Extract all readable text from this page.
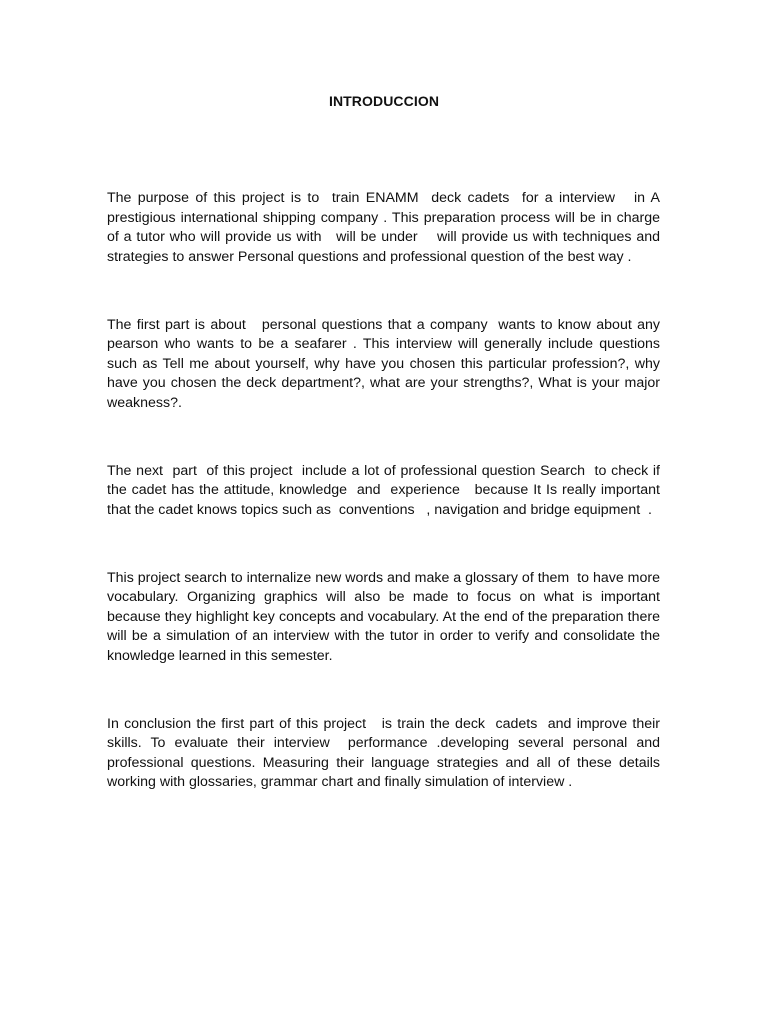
INTRODUCCION

The purpose of this project is to  train ENAMM  deck cadets  for a interview   in A prestigious international shipping company . This preparation process will be in charge of a tutor who will provide us with   will be under    will provide us with techniques and strategies to answer Personal questions and professional question of the best way .

The first part is about   personal questions that a company  wants to know about any pearson who wants to be a seafarer . This interview will generally include questions such as Tell me about yourself, why have you chosen this particular profession?, why have you chosen the deck department?, what are your strengths?, What is your major weakness?.

The next  part  of this project  include a lot of professional question Search  to check if the cadet has the attitude, knowledge  and  experience   because It Is really important that the cadet knows topics such as  conventions   , navigation and bridge equipment  .

This project search to internalize new words and make a glossary of them  to have more  vocabulary. Organizing graphics will also be made to focus on what is important because they highlight key concepts and vocabulary. At the end of the preparation there will be a simulation of an interview with the tutor in order to verify and consolidate the knowledge learned in this semester.

In conclusion the first part of this project   is train the deck  cadets  and improve their skills. To evaluate their interview  performance .developing several personal and professional questions. Measuring their language strategies and all of these details working with glossaries, grammar chart and finally simulation of interview .
